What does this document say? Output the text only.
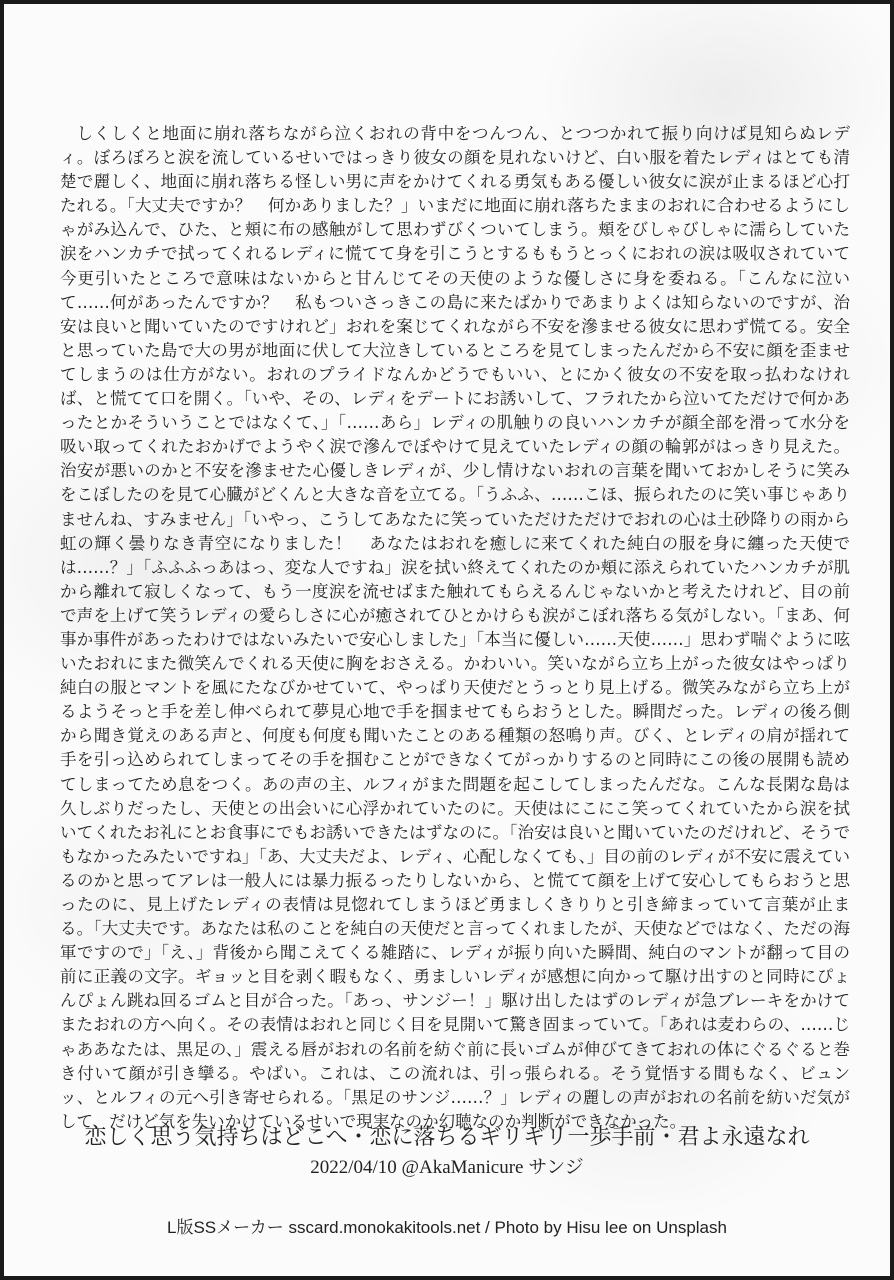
しくしくと地面に崩れ落ちながら泣くおれの背中をつんつん、とつつかれて振り向けば見知らぬレディ。ぼろぼろと涙を流しているせいではっきり彼女の顔を見れないけど、白い服を着たレディはとても清楚で麗しく、地面に崩れ落ちる怪しい男に声をかけてくれる勇気もある優しい彼女に涙が止まるほど心打たれる。「大丈夫ですか？　何かありました？」いまだに地面に崩れ落ちたままのおれに合わせるようにしゃがみ込んで、ひた、と頬に布の感触がして思わずびくついてしまう。頬をびしゃびしゃに濡らしていた涙をハンカチで拭ってくれるレディに慌てて身を引こうとするももうとっくにおれの涙は吸収されていて今更引いたところで意味はないからと甘んじてその天使のような優しさに身を委ねる。「こんなに泣いて……何があったんですか？　私もついさっきこの島に来たばかりであまりよくは知らないのですが、治安は良いと聞いていたのですけれど」おれを案じてくれながら不安を滲ませる彼女に思わず慌てる。安全と思っていた島で大の男が地面に伏して大泣きしているところを見てしまったんだから不安に顔を歪ませてしまうのは仕方がない。おれのプライドなんかどうでもいい、とにかく彼女の不安を取っ払わなければ、と慌てて口を開く。「いや、その、レディをデートにお誘いして、フラれたから泣いてただけで何かあったとかそういうことではなくて、」「……あら」レディの肌触りの良いハンカチが顔全部を滑って水分を吸い取ってくれたおかげでようやく涙で滲んでぼやけて見えていたレディの顔の輪郭がはっきり見えた。治安が悪いのかと不安を滲ませた心優しきレディが、少し情けないおれの言葉を聞いておかしそうに笑みをこぼしたのを見て心臓がどくんと大きな音を立てる。「うふふ、……こほ、振られたのに笑い事じゃありませんね、すみません」「いやっ、こうしてあなたに笑っていただけただけでおれの心は土砂降りの雨から虹の輝く曇りなき青空になりました！　あなたはおれを癒しに来てくれた純白の服を身に纏った天使では……？」「ふふふっあはっ、変な人ですね」涙を拭い終えてくれたのか頬に添えられていたハンカチが肌から離れて寂しくなって、もう一度涙を流せばまた触れてもらえるんじゃないかと考えたけれど、目の前で声を上げて笑うレディの愛らしさに心が癒されてひとかけらも涙がこぼれ落ちる気がしない。「まあ、何事か事件があったわけではないみたいで安心しました」「本当に優しい……天使……」思わず喘ぐように呟いたおれにまた微笑んでくれる天使に胸をおさえる。かわいい。笑いながら立ち上がった彼女はやっぱり純白の服とマントを風にたなびかせていて、やっぱり天使だとうっとり見上げる。微笑みながら立ち上がるようそっと手を差し伸べられて夢見心地で手を掴ませてもらおうとした。瞬間だった。レディの後ろ側から聞き覚えのある声と、何度も何度も聞いたことのある種類の怒鳴り声。びく、とレディの肩が揺れて手を引っ込められてしまってその手を掴むことができなくてがっかりするのと同時にこの後の展開も読めてしまってため息をつく。あの声の主、ルフィがまた問題を起こしてしまったんだな。こんな長閑な島は久しぶりだったし、天使との出会いに心浮かれていたのに。天使はにこにこ笑ってくれていたから涙を拭いてくれたお礼にとお食事にでもお誘いできたはずなのに。「治安は良いと聞いていたのだけれど、そうでもなかったみたいですね」「あ、大丈夫だよ、レディ、心配しなくても、」目の前のレディが不安に震えているのかと思ってアレは一般人には暴力振るったりしないから、と慌てて顔を上げて安心してもらおうと思ったのに、見上げたレディの表情は見惚れてしまうほど勇ましくきりりと引き締まっていて言葉が止まる。「大丈夫です。あなたは私のことを純白の天使だと言ってくれましたが、天使などではなく、ただの海軍ですので」「え、」背後から聞こえてくる雑踏に、レディが振り向いた瞬間、純白のマントが翻って目の前に正義の文字。ギョッと目を剥く暇もなく、勇ましいレディが感想に向かって駆け出すのと同時にぴょんぴょん跳ね回るゴムと目が合った。「あっ、サンジー！」駆け出したはずのレディが急ブレーキをかけてまたおれの方へ向く。その表情はおれと同じく目を見開いて驚き固まっていて。「あれは麦わらの、……じゃああなたは、黒足の、」震える唇がおれの名前を紡ぐ前に長いゴムが伸びてきておれの体にぐるぐると巻き付いて顔が引き攣る。やばい。これは、この流れは、引っ張られる。そう覚悟する間もなく、ビュンッ、とルフィの元へ引き寄せられる。「黒足のサンジ……？」レディの麗しの声がおれの名前を紡いだ気がして、だけど気を失いかけているせいで現実なのか幻聴なのか判断ができなかった。

恋しく思う気持ちはどこへ・恋に落ちるギリギリ一歩手前・君よ永遠なれ
2022/04/10 @AkaManicure サンジ
L版SSメーカー sscard.monokakitools.net / Photo by Hisu lee on Unsplash
